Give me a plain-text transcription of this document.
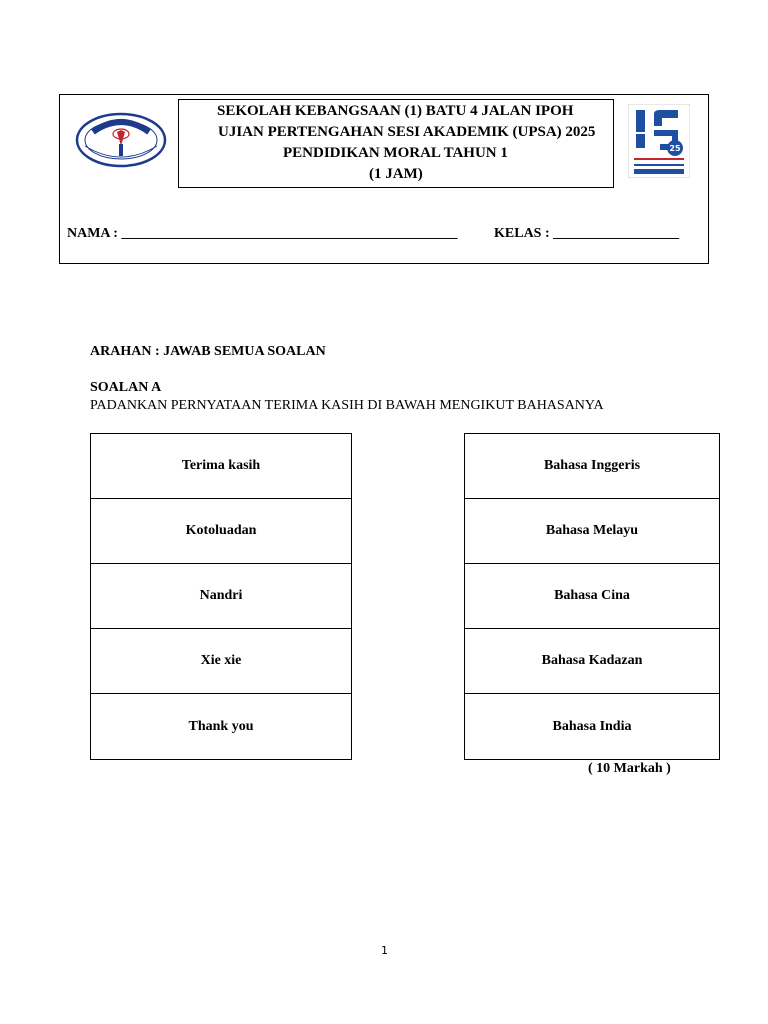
SEKOLAH KEBANGSAAN (1) BATU 4 JALAN IPOH
UJIAN PERTENGAHAN SESI AKADEMIK (UPSA) 2025
PENDIDIKAN MORAL TAHUN 1
(1 JAM)
25
NAMA : ________________________________________________	KELAS : __________________
ARAHAN : JAWAB SEMUA SOALAN
SOALAN A
PADANKAN PERNYATAAN TERIMA KASIH DI BAWAH MENGIKUT BAHASANYA
Terima kasih
Kotoluadan
Nandri
Xie xie
Thank you
Bahasa Inggeris
Bahasa Melayu
Bahasa Cina
Bahasa Kadazan
Bahasa India
( 10 Markah )
1
